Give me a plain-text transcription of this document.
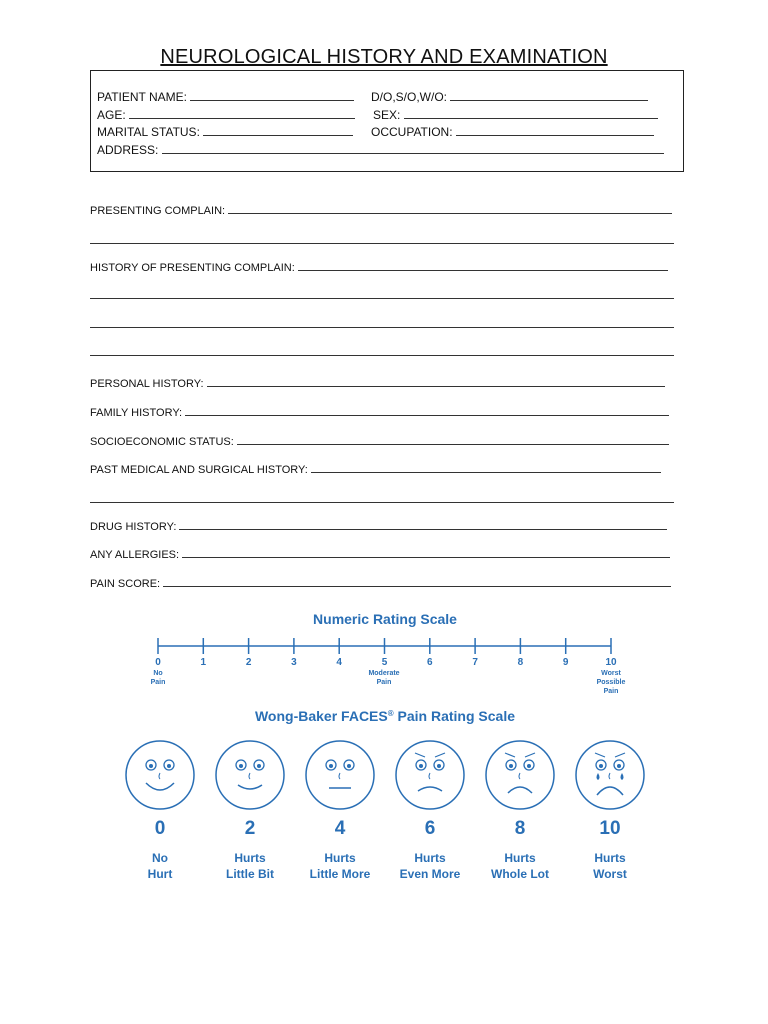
NEUROLOGICAL HISTORY AND EXAMINATION
PATIENT NAME:	D/O,S/O,W/O:
AGE:	SEX:
MARITAL STATUS:	OCCUPATION:
ADDRESS:
PRESENTING COMPLAIN:
HISTORY OF PRESENTING COMPLAIN:
PERSONAL HISTORY:
FAMILY HISTORY:
SOCIOECONOMIC STATUS:
PAST MEDICAL AND SURGICAL HISTORY:
DRUG HISTORY:
ANY ALLERGIES:
PAIN SCORE:
Numeric Rating Scale
0	1	2	3	4	5	6	7	8	9	10
No
Pain
Moderate
Pain
Worst
Possible
Pain
Wong-Baker FACES® Pain Rating Scale
0
No
Hurt
2
Hurts
Little Bit
4
Hurts
Little More
6
Hurts
Even More
8
Hurts
Whole Lot
10
Hurts
Worst
